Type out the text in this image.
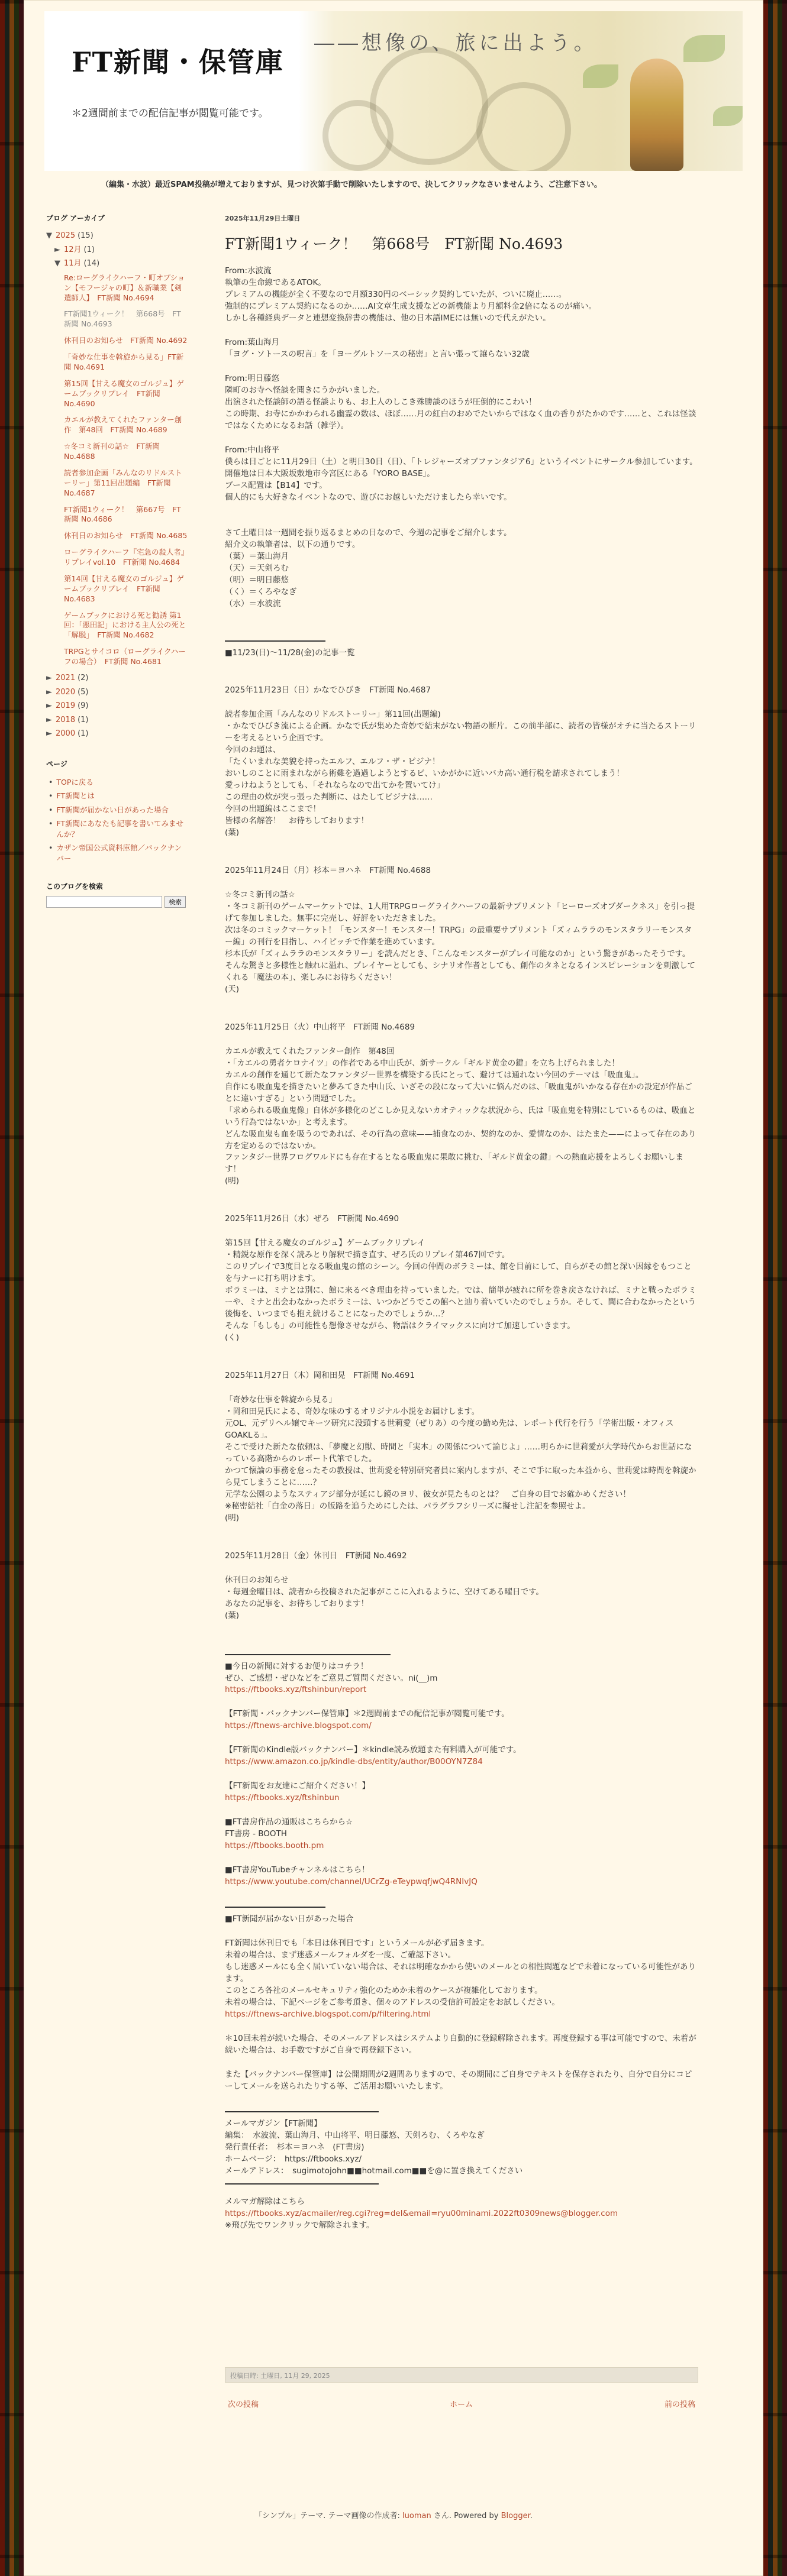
FT新聞・保管庫
＊2週間前までの配信記事が閲覧可能です。
――想像の、旅に出よう。
（編集・水波）最近SPAM投稿が増えておりますが、見つけ次第手動で削除いたしますので、決してクリックなさいませんよう、ご注意下さい。
ブログ アーカイブ
▼ 2025 (15)
► 12月 (1)
▼ 11月 (14)
Re:ローグライクハーフ・町オプション【モフージャの町】＆新職業【剣遣師人】　FT新聞 No.4694
FT新聞1ウィーク！　第668号　FT新聞 No.4693
休刊日のお知らせ　FT新聞 No.4692
「奇妙な仕事を斡旋から見る」FT新聞 No.4691
第15回【甘える魔女のゴルジュ】ゲームブックリプレイ　FT新聞 No.4690
カエルが教えてくれたファンター創作　第48回　FT新聞 No.4689
☆冬コミ新刊の話☆　FT新聞 No.4688
読者参加企画「みんなのリドルストーリー」第11回出題編　FT新聞 No.4687
FT新聞1ウィーク！　第667号　FT新聞 No.4686
休刊日のお知らせ　FT新聞 No.4685
ローグライクハーフ『宅急の殺人者』リプレイvol.10　FT新聞 No.4684
第14回【甘える魔女のゴルジュ】ゲームブックリプレイ　FT新聞 No.4683
ゲームブックにおける死と勧誘 第1回：「悪田記」における主人公の死と「解脱」　FT新聞 No.4682
TRPGとサイコロ（ローグライクハーフの場合）　FT新聞 No.4681
► 2021 (2)
► 2020 (5)
► 2019 (9)
► 2018 (1)
► 2000 (1)
ページ
• TOPに戻る
• FT新聞とは
• FT新聞が届かない日があった場合
• FT新聞にあなたも記事を書いてみませんか？
• カザン帝国公式資料庫館／バックナンバー
このブログを検索
検索
2025年11月29日土曜日
FT新聞1ウィーク！　第668号　FT新聞 No.4693
From:水波流
執筆の生命線であるATOK。
プレミアムの機能が全く不要なので月額330円のベーシック契約していたが、ついに廃止……。
強制的にプレミアム契約になるのか……AI文章生成支援などの新機能より月額料金2倍になるのが痛い。
しかし各種経典データと連想変換辞書の機能は、他の日本語IMEには無いので代えがたい。
From:葉山海月
「ヨグ・ソトースの呪言」を「ヨーグルトソースの秘密」と言い張って譲らない32歳
From:明日藤悠
隣町のお寺へ怪談を聞きにうかがいました。
出演された怪談師の語る怪談よりも、お上人のしこき殊勝談のほうが圧倒的にこわい！
この時期、お寺にかかわられる幽霊の数は、ほぼ……月の紅白のおめでたいからではなく血の香りがたかのです……と、これは怪談ではなくためになるお話（雑学）。
From:中山将平
僕らは日ごとに11月29日（土）と明日30日（日）、「トレジャーズオブファンタジア6」というイベントにサークル参加しています。
開催地は日本大阪坂敷地市今宮区にある「YORO BASE」。
ブース配置は【B14】です。
個人的にも大好きなイベントなので、遊びにお越しいただけましたら幸いです。
さて土曜日は一週間を振り返るまとめの日なので、今週の記事をご紹介します。
紹介文の執筆者は、以下の通りです。
（葉）＝葉山海月
（天）＝天剣ろむ
（明）＝明日藤悠
（く）＝くろやなぎ
（水）＝水波流
■11/23(日)～11/28(金)の記事一覧
2025年11月23日（日）かなでひびき　FT新聞 No.4687
読者参加企画「みんなのリドルストーリー」第11回(出題編)
・かなでひびき流による企画。かなで氏が集めた奇妙で結末がない物語の断片。この前半部に、読者の皆様がオチに当たるストーリーを考えるという企画です。
今回のお題は、
「たくいまれな美貌を持ったエルフ、エルフ・ザ・ビジナ！
おいしのことに雨まれながら術難を過過しようとするビ、いかがかに近いバカ高い通行税を請求されてしまう！
愛っけねようとしても、「それならなので出てかを置いてけ」
この理由の炊が突っ張った判断に、はたしてビジナは……
今回の出題編はここまで！
皆様の名解答！　お待ちしております！
(葉)
2025年11月24日（月）杉本＝ヨハネ　FT新聞 No.4688
☆冬コミ新刊の話☆
・冬コミ新刊のゲームマーケットでは、1人用TRPGローグライクハーフの最新サプリメント「ヒーローズオブダークネス」を引っ提げて参加しました。無事に完売し、好評をいただきました。
次は冬のコミックマーケット！「モンスター！モンスター！TRPG」の最重要サプリメント「ズィムララのモンスタラリーモンスター編」の刊行を目指し、ハイピッチで作業を進めています。
杉本氏が「ズィムララのモンスタラリー」を読んだとき、「こんなモンスターがプレイ可能なのか」という驚きがあったそうです。
そんな驚きと多様性と触れに溢れ、プレイヤーとしても、シナリオ作者としても、創作のタネとなるインスピレーションを刺激してくれる「魔法の本」、楽しみにお待ちください！
(天)
2025年11月25日（火）中山将平　FT新聞 No.4689
カエルが教えてくれたファンター創作　第48回
・「カエルの勇者ケロナイツ」の作者である中山氏が、新サークル「ギルド黄金の鍵」を立ち上げられました！
カエルの創作を通じて新たなファンタジー世界を構築する氏にとって、避けては通れない今回のテーマは「吸血鬼」。
自作にも吸血鬼を描きたいと夢みてきた中山氏、いざその段になって大いに悩んだのは、「吸血鬼がいかなる存在かの設定が作品ごとに違いすぎる」という問題でした。
「求められる吸血鬼像」自体が多様化のどこしか見えないカオティックな状況から、氏は「吸血鬼を特別にしているものは、吸血という行為ではないか」と考えます。
どんな吸血鬼も血を吸うのであれば、その行為の意味——捕食なのか、契約なのか、愛情なのか、はたまた——によって存在のあり方を定めるのではないか。
ファンタジー世界フログワルドにも存在するとなる吸血鬼に果敢に挑む、「ギルド黄金の鍵」への熱血応援をよろしくお願いします！
(明)
2025年11月26日（水）ぜろ　FT新聞 No.4690
第15回【甘える魔女のゴルジュ】ゲームブックリプレイ
・精鋭な原作を深く読みとり解釈で描き直す、ぜろ氏のリプレイ第467回です。
このリプレイで3度目となる吸血鬼の館のシーン。今回の仲間のボラミーは、館を目前にして、自らがその館と深い因縁をもつことを与ナーに打ち明けます。
ボラミーは、ミナとは別に、館に来るべき理由を持っていました。では、簡単が疲れに所を巻き戻さなければ、ミナと戦ったボラミーや、ミナと出会わなかったボラミーは、いつかどうでこの館へと辿り着いていたのでしょうか。そして、間に合わなかったという後悔を、いつまでも抱え続けることになったのでしょうか…？
そんな「もしも」の可能性も想像させながら、物語はクライマックスに向けて加速していきます。
(く)
2025年11月27日（木）岡和田晃　FT新聞 No.4691
「奇妙な仕事を斡旋から見る」
・岡和田晃氏による、奇妙な味のするオリジナル小説をお届けします。
元OL、元デリヘル嬢でキーツ研究に没頭する世莉愛（ぜりあ）の今度の勤め先は、レポート代行を行う「学術出版・オフィスGOAKLる」。
そこで受けた新たな依頼は、「夢魔と幻獣、時間と「実本」の関係について論じよ」……明らかに世莉愛が大学時代からお世話になっている高階からのレポート代筆でした。
かつて懐論の事務を怠ったその教授は、世莉愛を特別研究者員に案内しますが、そこで手に取った本益から、世莉愛は時間を斡旋から見てしまうことに……？
元学な公園のようなスティアジ部分が延にし鏡のヨリ、彼女が見たものとは？　ご自身の目でお確かめください！
※秘密結社「白金の落日」の版路を追うためにしたは、パラグラフシリーズに擬せし注記を参照せよ。
(明)
2025年11月28日（金）休刊日　FT新聞 No.4692
休刊日のお知らせ
・毎週金曜日は、読者から投稿された記事がここに入れるように、空けてある曜日です。
あなたの記事を、お待ちしております！
(葉)
■今日の新聞に対するお便りはコチラ！
ぜひ、ご感想・ぜひなどをご意見ご質問ください。ni(__)m
https://ftbooks.xyz/ftshinbun/report
【FT新聞・バックナンバー保管庫】＊2週間前までの配信記事が閲覧可能です。
https://ftnews-archive.blogspot.com/
【FT新聞のKindle版バックナンバー】＊kindle読み放題また有料購入が可能です。
https://www.amazon.co.jp/kindle-dbs/entity/author/B00OYN7Z84
【FT新聞をお友達にご紹介ください！】
https://ftbooks.xyz/ftshinbun
■FT書房作品の通販はこちらから☆
FT書房 - BOOTH
https://ftbooks.booth.pm
■FT書房YouTubeチャンネルはこちら！
https://www.youtube.com/channel/UCrZg-eTeypwqfjwQ4RNIvJQ
■FT新聞が届かない日があった場合
FT新聞は休刊日でも「本日は休刊日です」というメールが必ず届きます。
未着の場合は、まず迷惑メールフォルダを一度、ご確認下さい。
もし迷惑メールにも全く届いていない場合は、それは明確なかから使いのメールとの相性問題などで未着になっている可能性があります。
このところ各社のメールセキュリティ強化のためか未着のケースが複雑化しております。
未着の場合は、下記ページをご参考頂き、個々のアドレスの受信許可設定をお試しください。
https://ftnews-archive.blogspot.com/p/filtering.html
＊10回未着が続いた場合、そのメールアドレスはシステムより自動的に登録解除されます。再度登録する事は可能ですので、未着が続いた場合は、お手数ですがご自身で再登録下さい。
また【バックナンバー保管庫】は公開期間が2週間ありますので、その期間にご自身でテキストを保存されたり、自分で自分にコピーしてメールを送られたりする等、ご活用お願いいたします。
メールマガジン【FT新聞】
編集：　水波流、葉山海月、中山将平、明日藤悠、天剣ろむ、くろやなぎ
発行責任者：　杉本＝ヨハネ　(FT書房)
ホームページ：　https://ftbooks.xyz/
メールアドレス：　sugimotojohn■■hotmail.com■■を@に置き換えてください
メルマガ解除はこちら
https://ftbooks.xyz/acmailer/reg.cgi?reg=del&email=ryu00minami.2022ft0309news@blogger.com
※飛び先でワンクリックで解除されます。
投稿日時: 土曜日, 11月 29, 2025
次の投稿	ホーム	前の投稿
「シンプル」テーマ. テーマ画像の作成者: luoman さん. Powered by Blogger.
